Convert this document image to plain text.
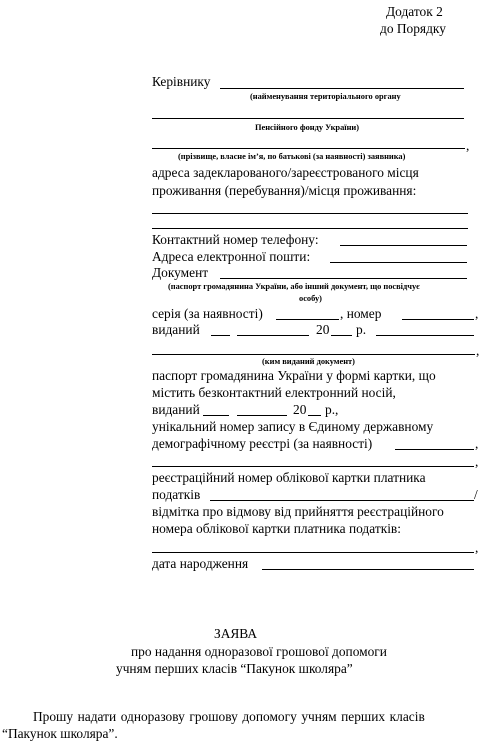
Додаток 2
до Порядку
Керівнику
(найменування територіального органу
Пенсійного фонду України)
,
(прізвище, власне ім’я, по батькові (за наявності) заявника)
адреса задекларованого/зареєстрованого місця
проживання (перебування)/місця проживання:
Контактний номер телефону:
Адреса електронної пошти:
Документ
(паспорт громадянина України, або інший документ, що посвідчує
особу)
серія (за наявності)	, номер	,
виданий	20 р.
,
(ким виданий документ)
паспорт громадянина України у формі картки, що
містить безконтактний електронний носій,
виданий	20 р.,
унікальний номер запису в Єдиному державному
демографічному реєстрі (за наявності)	,
,
реєстраційний номер облікової картки платника
податків	/
відмітка про відмову від прийняття реєстраційного
номера облікової картки платника податків:
,
дата народження
ЗАЯВА
про надання одноразової грошової допомоги
учням перших класів “Пакунок школяра”
Прошу надати одноразову грошову допомогу учням перших класів
“Пакунок школяра”.
